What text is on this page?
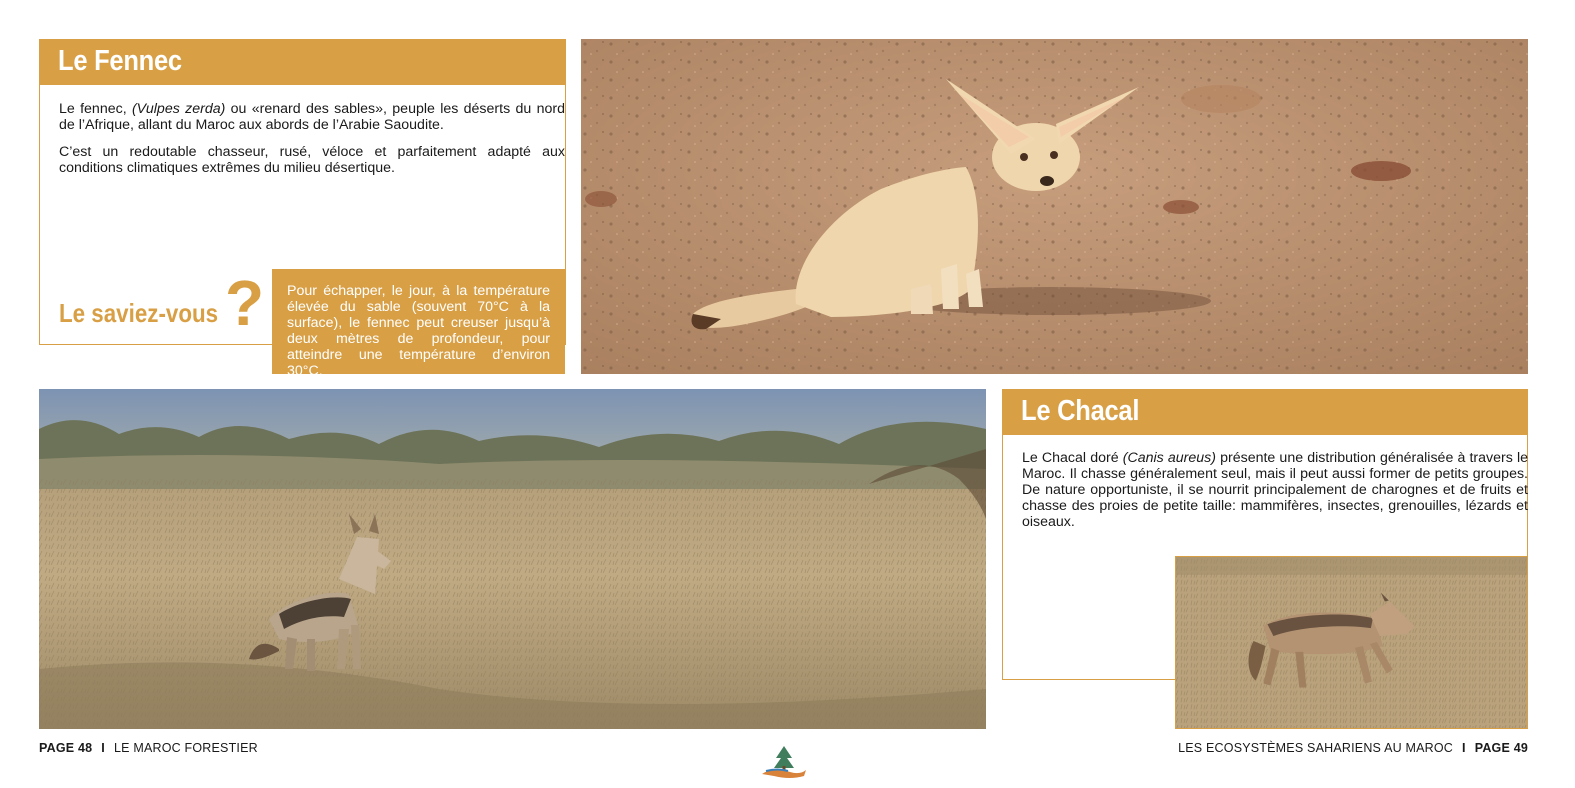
Le Fennec

Le fennec, (Vulpes zerda) ou «renard des sables», peuple les déserts du nord de l’Afrique, allant du Maroc aux abords de l’Arabie Saoudite.

C’est un redoutable chasseur, rusé, véloce et parfaitement adapté aux conditions climatiques extrêmes du milieu désertique.

Le saviez-vous ?	Pour échapper, le jour, à la température élevée du sable (souvent 70°C à la surface), le fennec peut creuser jusqu’à deux mètres de profondeur, pour atteindre une température d’environ 30°C.
Le Chacal

Le Chacal doré (Canis aureus) présente une distribution généralisée à travers le Maroc. Il chasse généralement seul, mais il peut aussi former de petits groupes. De nature opportuniste, il se nourrit principalement de charognes et de fruits et chasse des proies de petite taille: mammifères, insectes, grenouilles, lézards et oiseaux.

PAGE 48 I LE MAROC FORESTIER	LES ECOSYSTÈMES SAHARIENS AU MAROC I PAGE 49
